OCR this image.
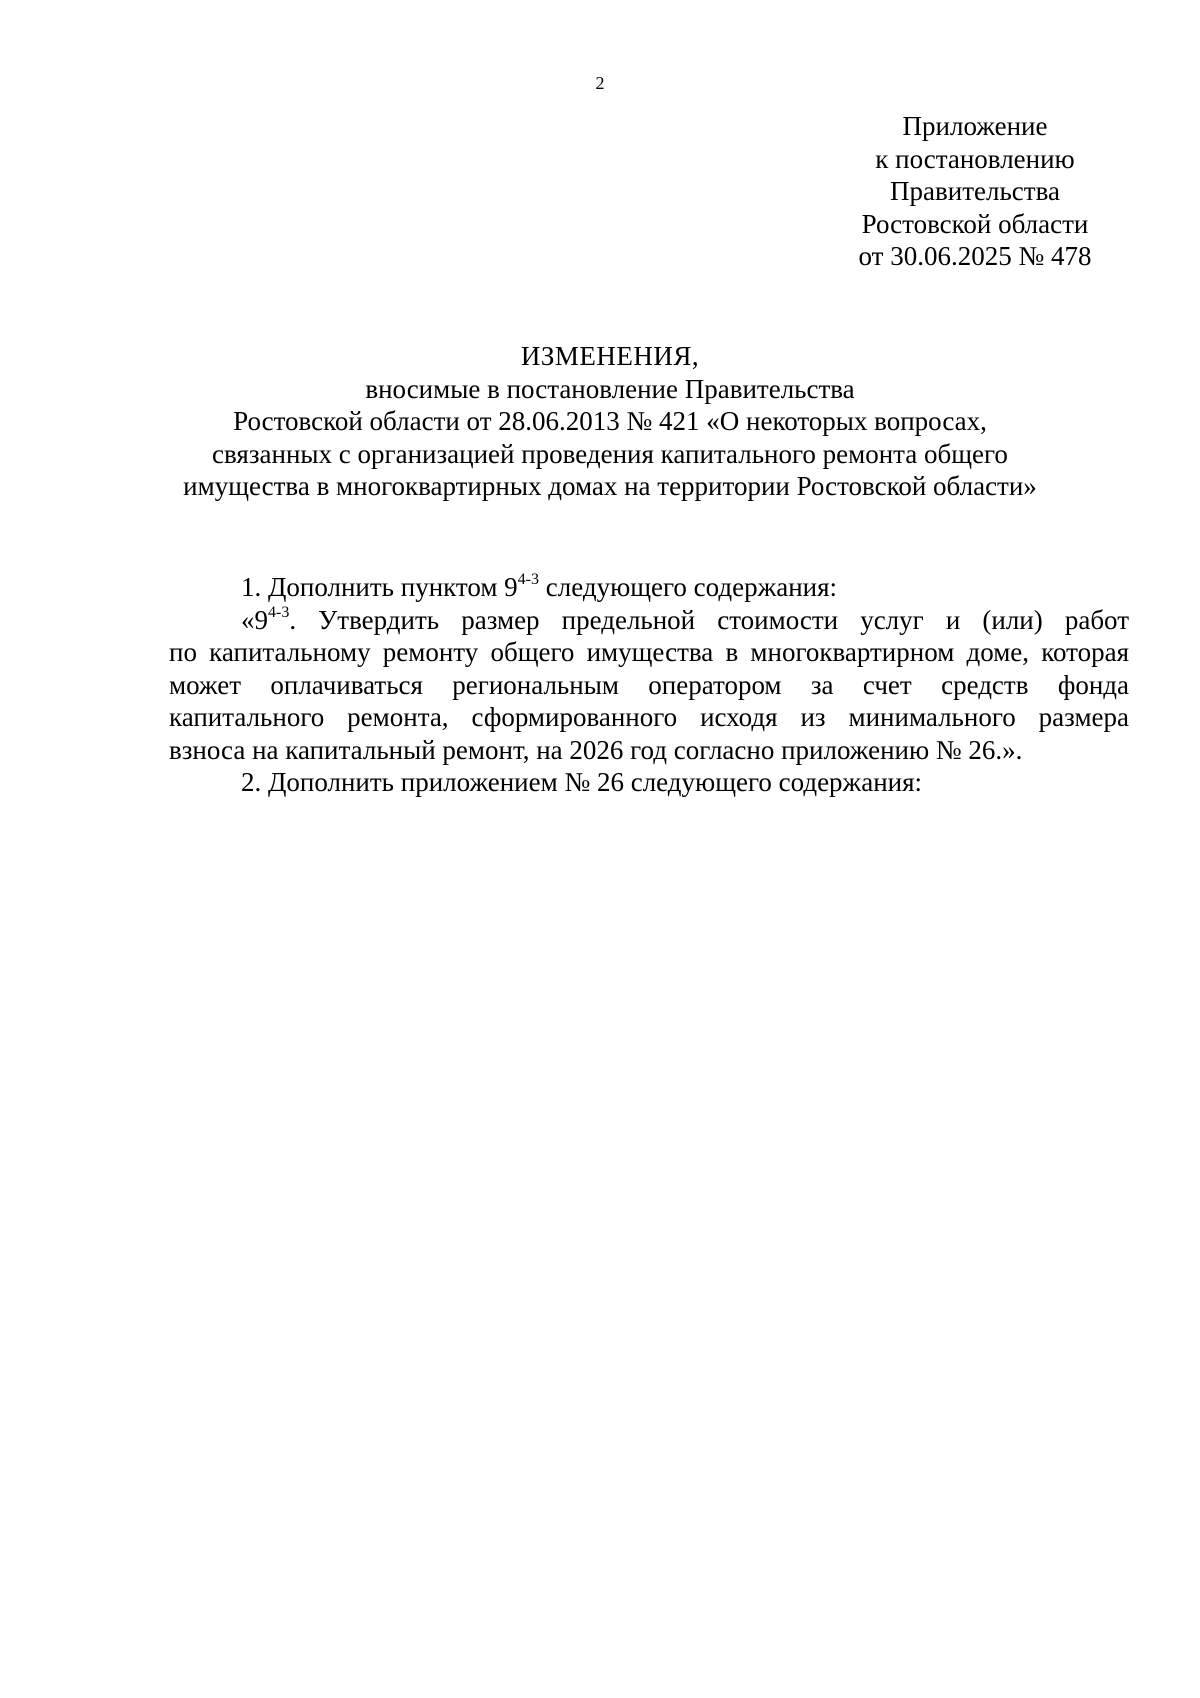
2
Приложение
к постановлению
Правительства
Ростовской области
от 30.06.2025 № 478
ИЗМЕНЕНИЯ,
вносимые в постановление Правительства
Ростовской области от 28.06.2013 № 421 «О некоторых вопросах,
связанных с организацией проведения капитального ремонта общего
имущества в многоквартирных домах на территории Ростовской области»

1. Дополнить пунктом 9$^{4-3}$ следующего содержания:

«9$^{4-3}$. Утвердить размер предельной стоимости услуг и (или) работ
по капитальному ремонту общего имущества в многоквартирном доме, которая
может оплачиваться региональным оператором за счет средств фонда
капитального ремонта, сформированного исходя из минимального размера
взноса на капитальный ремонт, на 2026 год согласно приложению № 26.».

2. Дополнить приложением № 26 следующего содержания:
